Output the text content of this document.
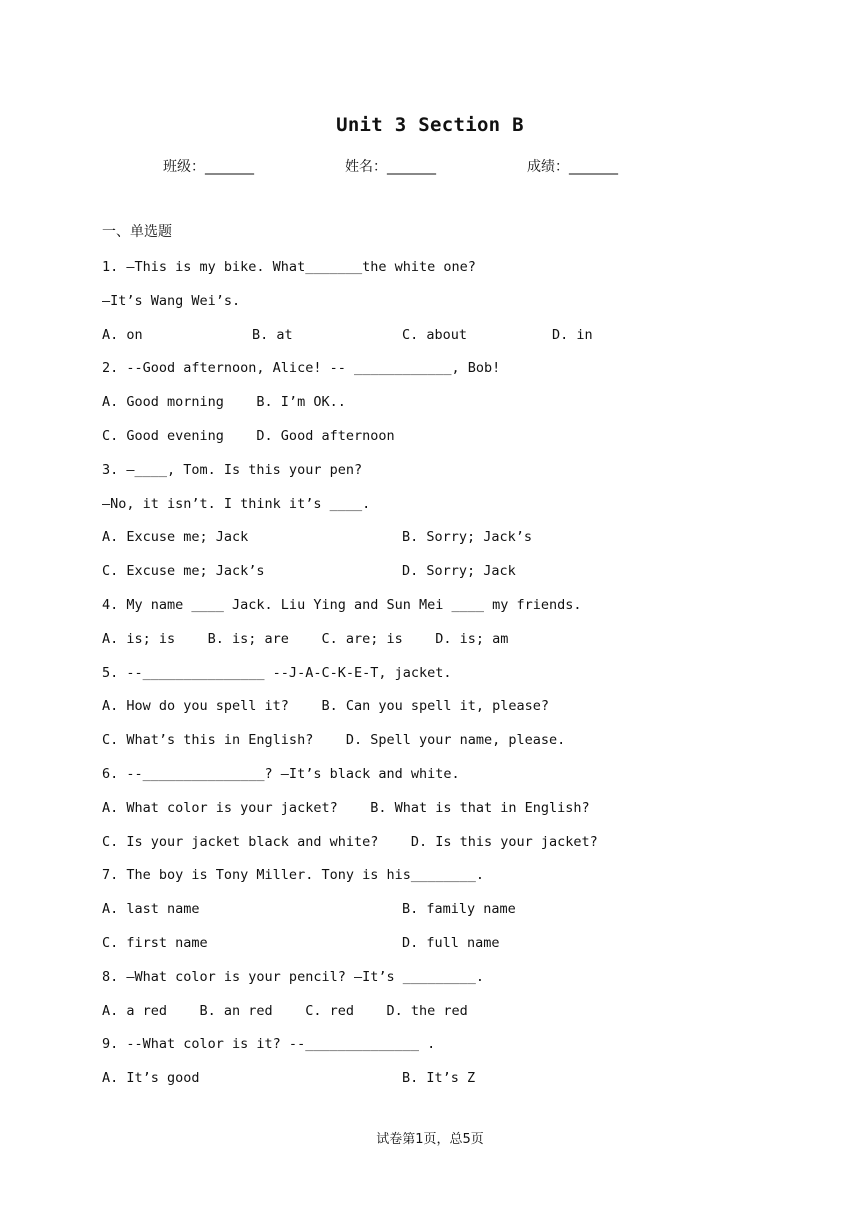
Unit 3 Section B
班级：_______	姓名：_______	成绩：_______
一、单选题
1. —This is my bike. What_______the white one?
—It’s Wang Wei’s.
A. on	B. at	C. about	D. in
2. --Good afternoon, Alice! -- ____________, Bob!
A. Good morning    B. I’m OK..
C. Good evening    D. Good afternoon
3. —____, Tom. Is this your pen?
—No, it isn’t. I think it’s ____.
A. Excuse me; Jack	B. Sorry; Jack’s
C. Excuse me; Jack’s	D. Sorry; Jack
4. My name ____ Jack. Liu Ying and Sun Mei ____ my friends.
A. is; is    B. is; are    C. are; is    D. is; am
5. --_______________ --J-A-C-K-E-T, jacket.
A. How do you spell it?    B. Can you spell it, please?
C. What’s this in English?    D. Spell your name, please.
6. --_______________? –It’s black and white.
A. What color is your jacket?    B. What is that in English?
C. Is your jacket black and white?    D. Is this your jacket?
7. The boy is Tony Miller. Tony is his________.
A. last name	B. family name
C. first name	D. full name
8. –What color is your pencil? –It’s _________.
A. a red    B. an red    C. red    D. the red
9. --What color is it? --______________ .
A. It’s good	B. It’s Z
试卷第1页，总5页
